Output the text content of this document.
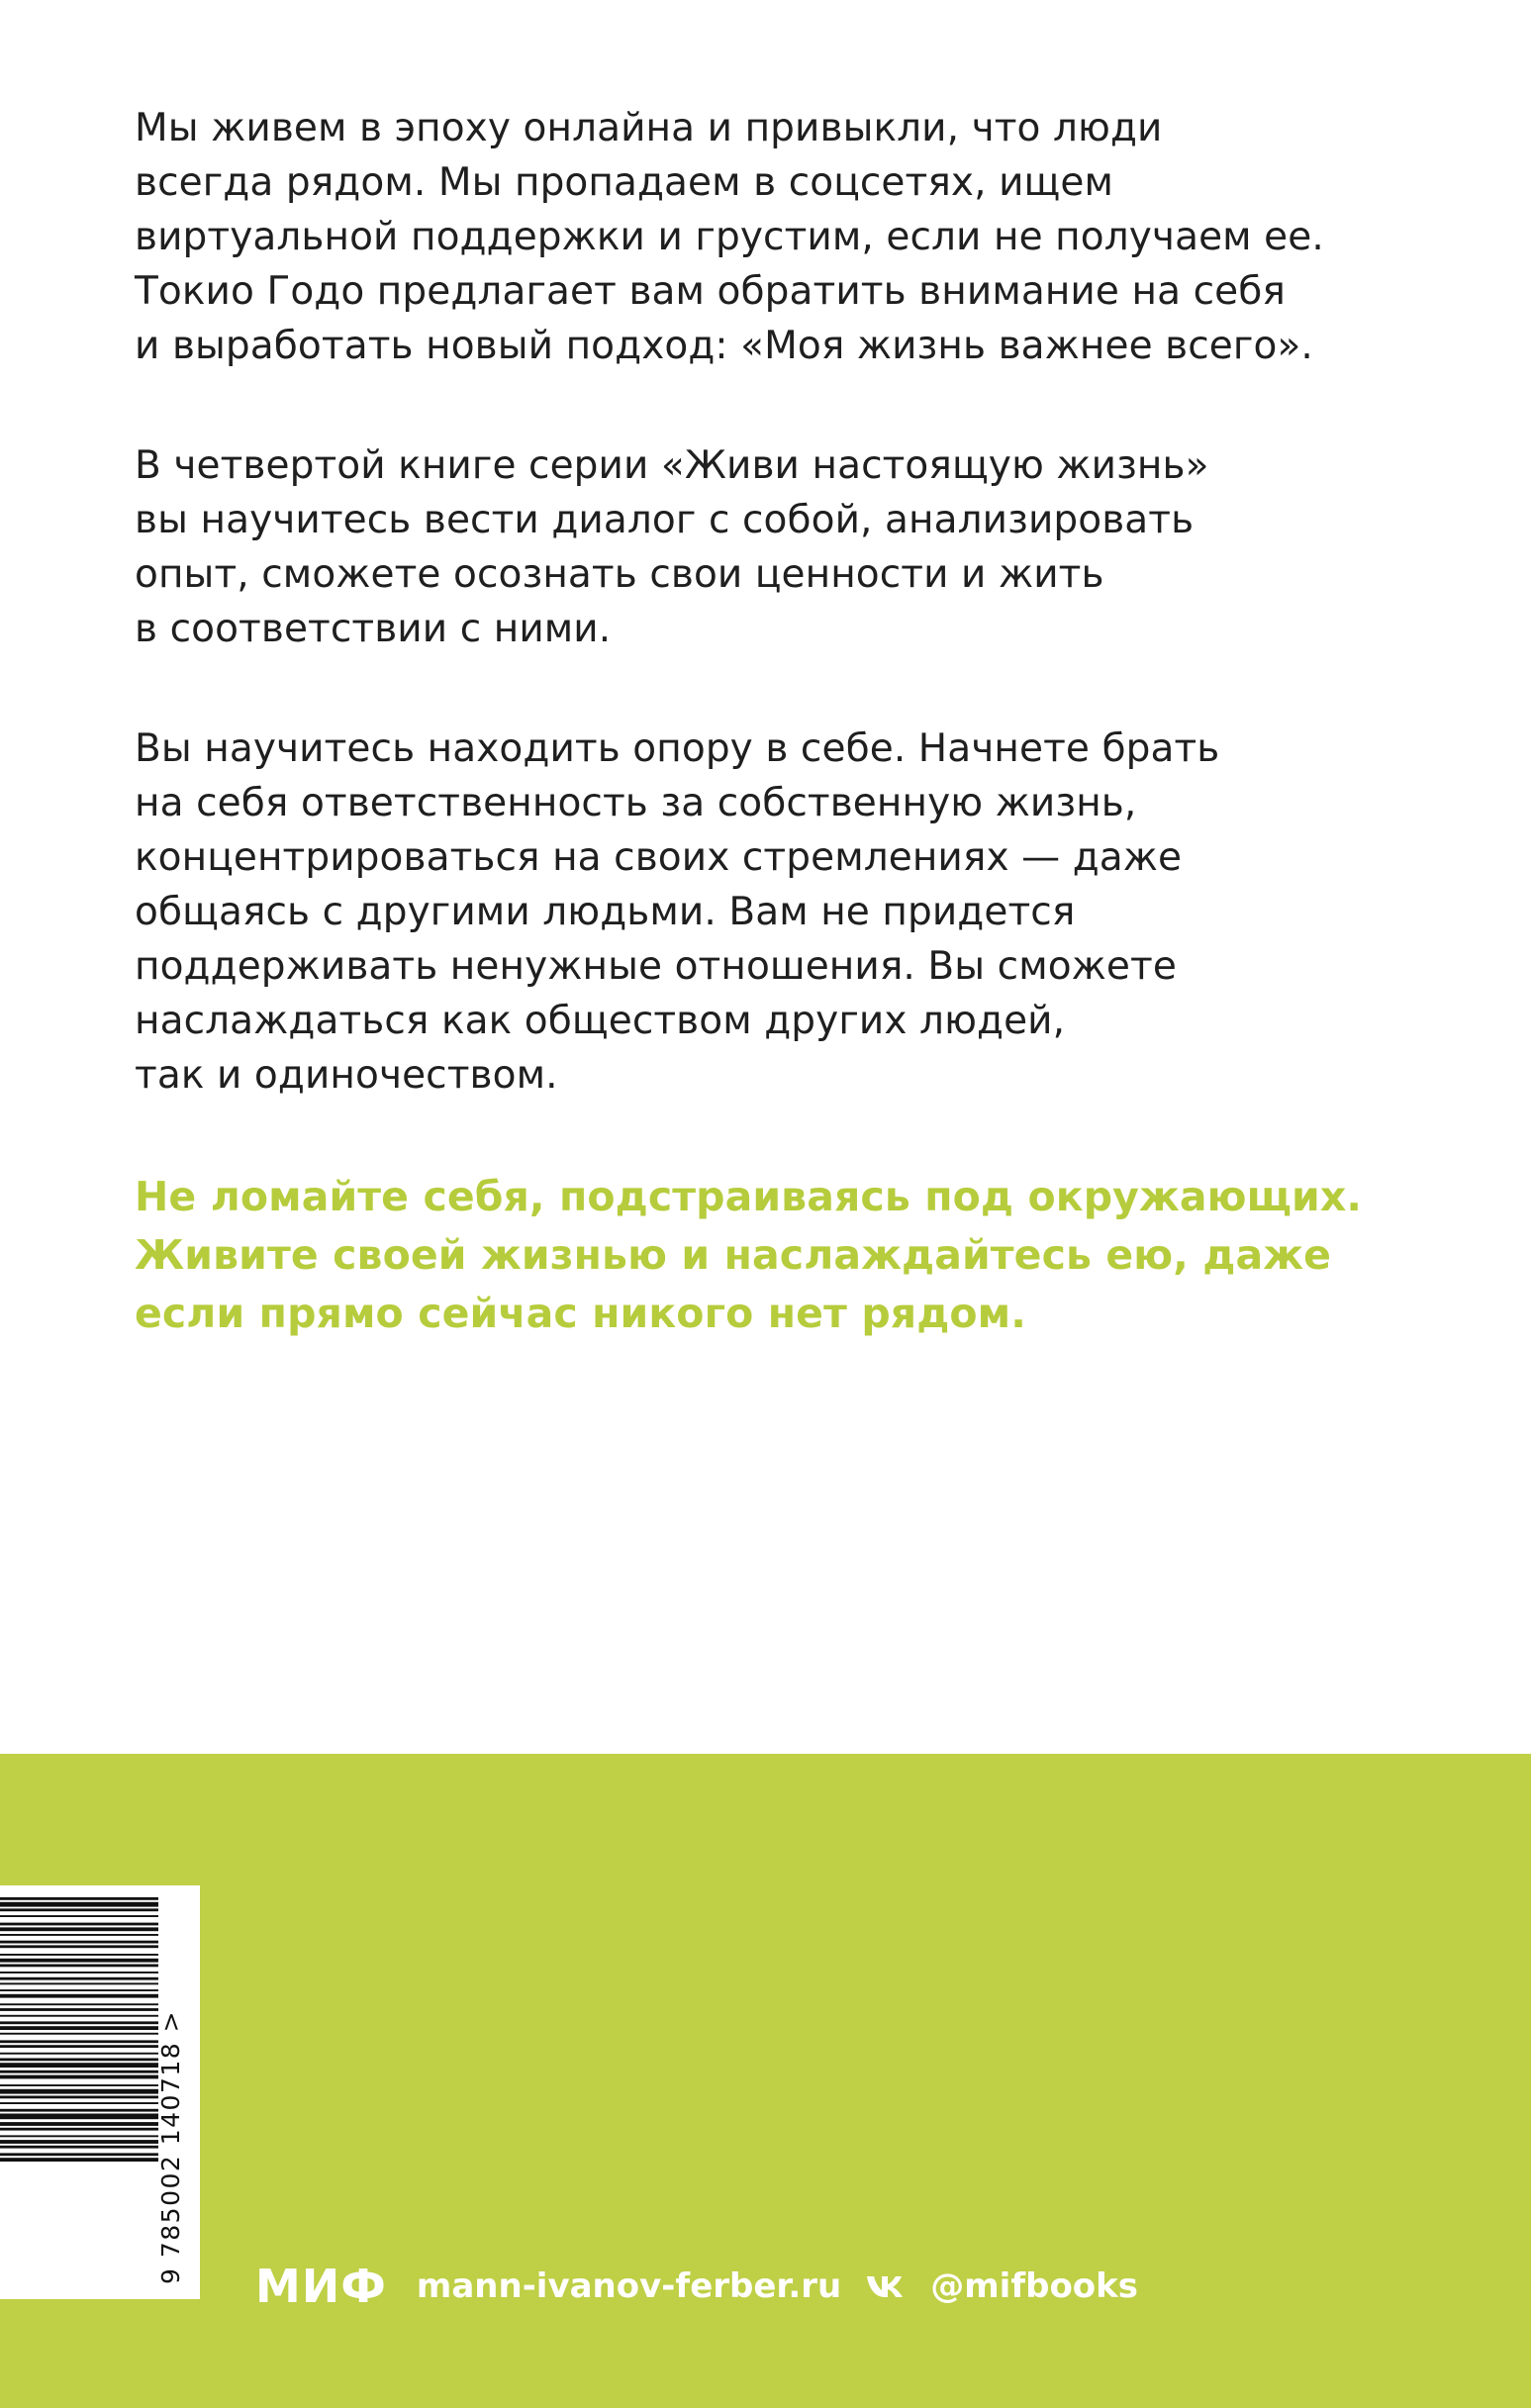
Мы живем в эпоху онлайна и привыкли, что люди
всегда рядом. Мы пропадаем в соцсетях, ищем
виртуальной поддержки и грустим, если не получаем ее.
Токио Годо предлагает вам обратить внимание на себя
и выработать новый подход: «Моя жизнь важнее всего».

В четвертой книге серии «Живи настоящую жизнь»
вы научитесь вести диалог с собой, анализировать
опыт, сможете осознать свои ценности и жить
в соответствии с ними.

Вы научитесь находить опору в себе. Начнете брать
на себя ответственность за собственную жизнь,
концентрироваться на своих стремлениях — даже
общаясь с другими людьми. Вам не придется
поддерживать ненужные отношения. Вы сможете
наслаждаться как обществом других людей,
так и одиночеством.

Не ломайте себя, подстраиваясь под окружающих.
Живите своей жизнью и наслаждайтесь ею, даже
если прямо сейчас никого нет рядом.

9 785002 140718 >
МИФ mann-ivanov-ferber.ru	@mifbooks
